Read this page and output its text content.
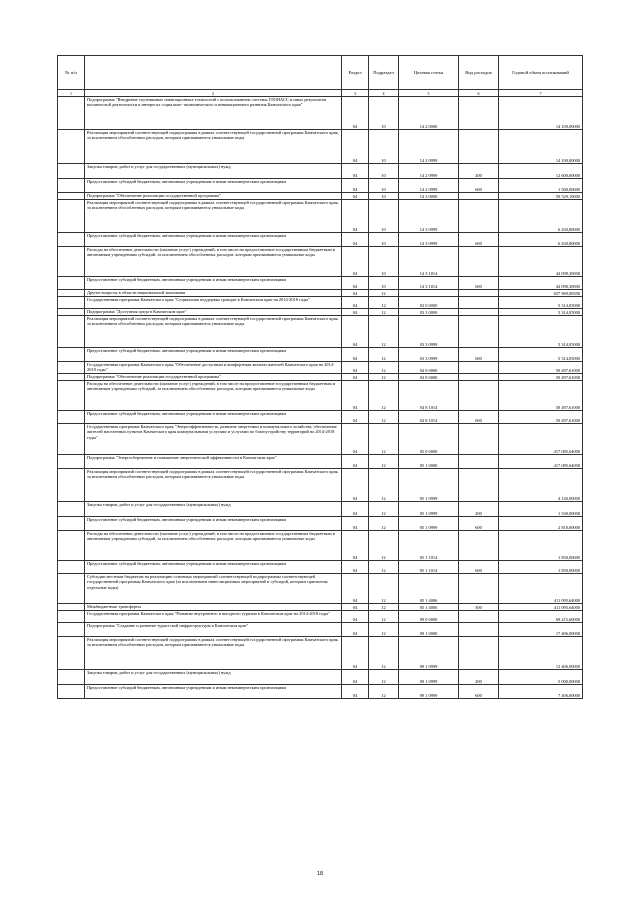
№ п/п		Раздел	Подраздел	Целевая статья	Вид расходов	Годовой объем ассигнований
1	2	3	4	5	6	7
	Подпрограмма "Внедрение спутниковых навигационных технологий с использованием системы ГЛОНАСС и иных результатов космической деятельности в интересах социально- экономического и инновационного развития Камчатского края"	04	10	14 2 0000		14 100,00000
	Реализация мероприятий соответствующей подпрограммы в рамках соответствующей государственной программы Камчатского края, за исключением обособленных расходов, которым присваиваются уникальные коды	04	10	14 2 0999		14 100,00000
	Закупка товаров, работ и услуг для государственных (муниципальных) нужд	04	10	14 2 0999	200	12 600,00000
	Предоставление субсидий бюджетным, автономным учреждениям и иным некоммерческим организациям	04	10	14 2 0999	600	1 500,00000
	Подпрограмма "Обеспечение реализации государственной программы"	04	10	14 3 0000		50 529,10000
	Реализация мероприятий соответствующей подпрограммы в рамках соответствующей государственной программы Камчатского края, за исключением обособленных расходов, которым присваиваются уникальные коды	04	10	14 3 0999		6 430,80000
	Предоставление субсидий бюджетным, автономным учреждениям и иным некоммерческим организациям	04	10	14 3 0999	600	6 430,80000
	Расходы на обеспечение деятельности (оказание услуг) учреждений, в том числе на предоставление государственным бюджетным и автономным учреждениям субсидий, за исключением обособленных расходов, которым присваиваются уникальные коды	04	10	14 3 1014		44 098,30000
	Предоставление субсидий бюджетным, автономным учреждениям и иным некоммерческим организациям	04	10	14 3 1014	600	44 098,30000
	Другие вопросы в области национальной экономики	04	12			657 969,08390
	Государственная программа Камчатского края "Социальная поддержка граждан в Камчатском крае на 2014-2018 годы"	04	12	03 0 0000		5 314,05000
	Подпрограмма "Доступная среда в Камчатском крае"	04	12	03 3 0000		5 314,05000
	Реализация мероприятий соответствующей подпрограммы в рамках соответствующей государственной программы Камчатского края, за исключением обособленных расходов, которым присваиваются уникальные коды	04	12	03 3 0999		5 314,05000
	Предоставление субсидий бюджетным, автономным учреждениям и иным некоммерческим организациям	04	12	03 3 0999	600	5 314,05000
	Государственная программа Камчатского края "Обеспечение доступным и комфортным жильем жителей Камчатского края на 2014-2018 годы"	04	12	04 0 0000		50 497,61000
	Подпрограмма "Обеспечение реализации государственной программы"	04	12	04 8 0000		50 497,61000
	Расходы на обеспечение деятельности (оказание услуг) учреждений, в том числе на предоставление государственным бюджетным и автономным учреждениям субсидий, за исключением обособленных расходов, которым присваиваются уникальные коды	04	12	04 8 1014		50 497,61000
	Предоставление субсидий бюджетным, автономным учреждениям и иным некоммерческим организациям	04	12	04 8 1014	600	50 497,61000
	Государственная программа Камчатского края "Энергоэффективность, развитие энергетики и коммунального хозяйства, обеспечение жителей населенных пунктов Камчатского края коммунальными услугами и услугами по благоустройству территорий на 2014-2018 годы"	04	12	05 0 0000		417 085,64000
	Подпрограмма "Энергосбережение и повышение энергетической эффективности в Камчатском крае"	04	12	05 1 0000		417 085,64000
	Реализация мероприятий соответствующей подпрограммы в рамках соответствующей государственной программы Камчатского края, за исключением обособленных расходов, которым присваиваются уникальные коды	04	12	05 1 0999		4 140,00000
	Закупка товаров, работ и услуг для государственных (муниципальных) нужд	04	12	05 1 0999	200	1 330,00000
	Предоставление субсидий бюджетным, автономным учреждениям и иным некоммерческим организациям	04	12	05 1 0999	600	2 810,00000
	Расходы на обеспечение деятельности (оказание услуг) учреждений, в том числе на предоставление государственным бюджетным и автономным учреждениям субсидий, за исключением обособленных расходов, которым присваиваются уникальные коды	04	12	05 1 1014		1 850,00000
	Предоставление субсидий бюджетным, автономным учреждениям и иным некоммерческим организациям	04	12	05 1 1014	600	1 850,00000
	Субсидии местным бюджетам на реализацию основных мероприятий соответствующей подпрограммы соответствующей государственной программы Камчатского края (за исключением инвестиционных мероприятий и субсидий, которым присвоены отдельные коды)	04	12	05 1 4006		411 095,64000
	Межбюджетные трансферты	04	12	05 1 4006	500	411 095,64000
	Государственная программа Камчатского края "Развитие внутреннего и въездного туризма в Камчатском крае на 2014-2018 годы"	04	12	09 0 0000		69 215,60000
	Подпрограмма "Создание и развитие туристской инфраструктуры в Камчатском крае"	04	12	09 1 0000		17 406,00000
	Реализация мероприятий соответствующей подпрограммы в рамках соответствующей государственной программы Камчатского края, за исключением обособленных расходов, которым присваиваются уникальные коды	04	12	09 1 0999		12 406,00000
	Закупка товаров, работ и услуг для государственных (муниципальных) нужд	04	12	09 1 0999	200	5 000,00000
	Предоставление субсидий бюджетным, автономным учреждениям и иным некоммерческим организациям	04	12	09 1 0999	600	7 406,00000
18
